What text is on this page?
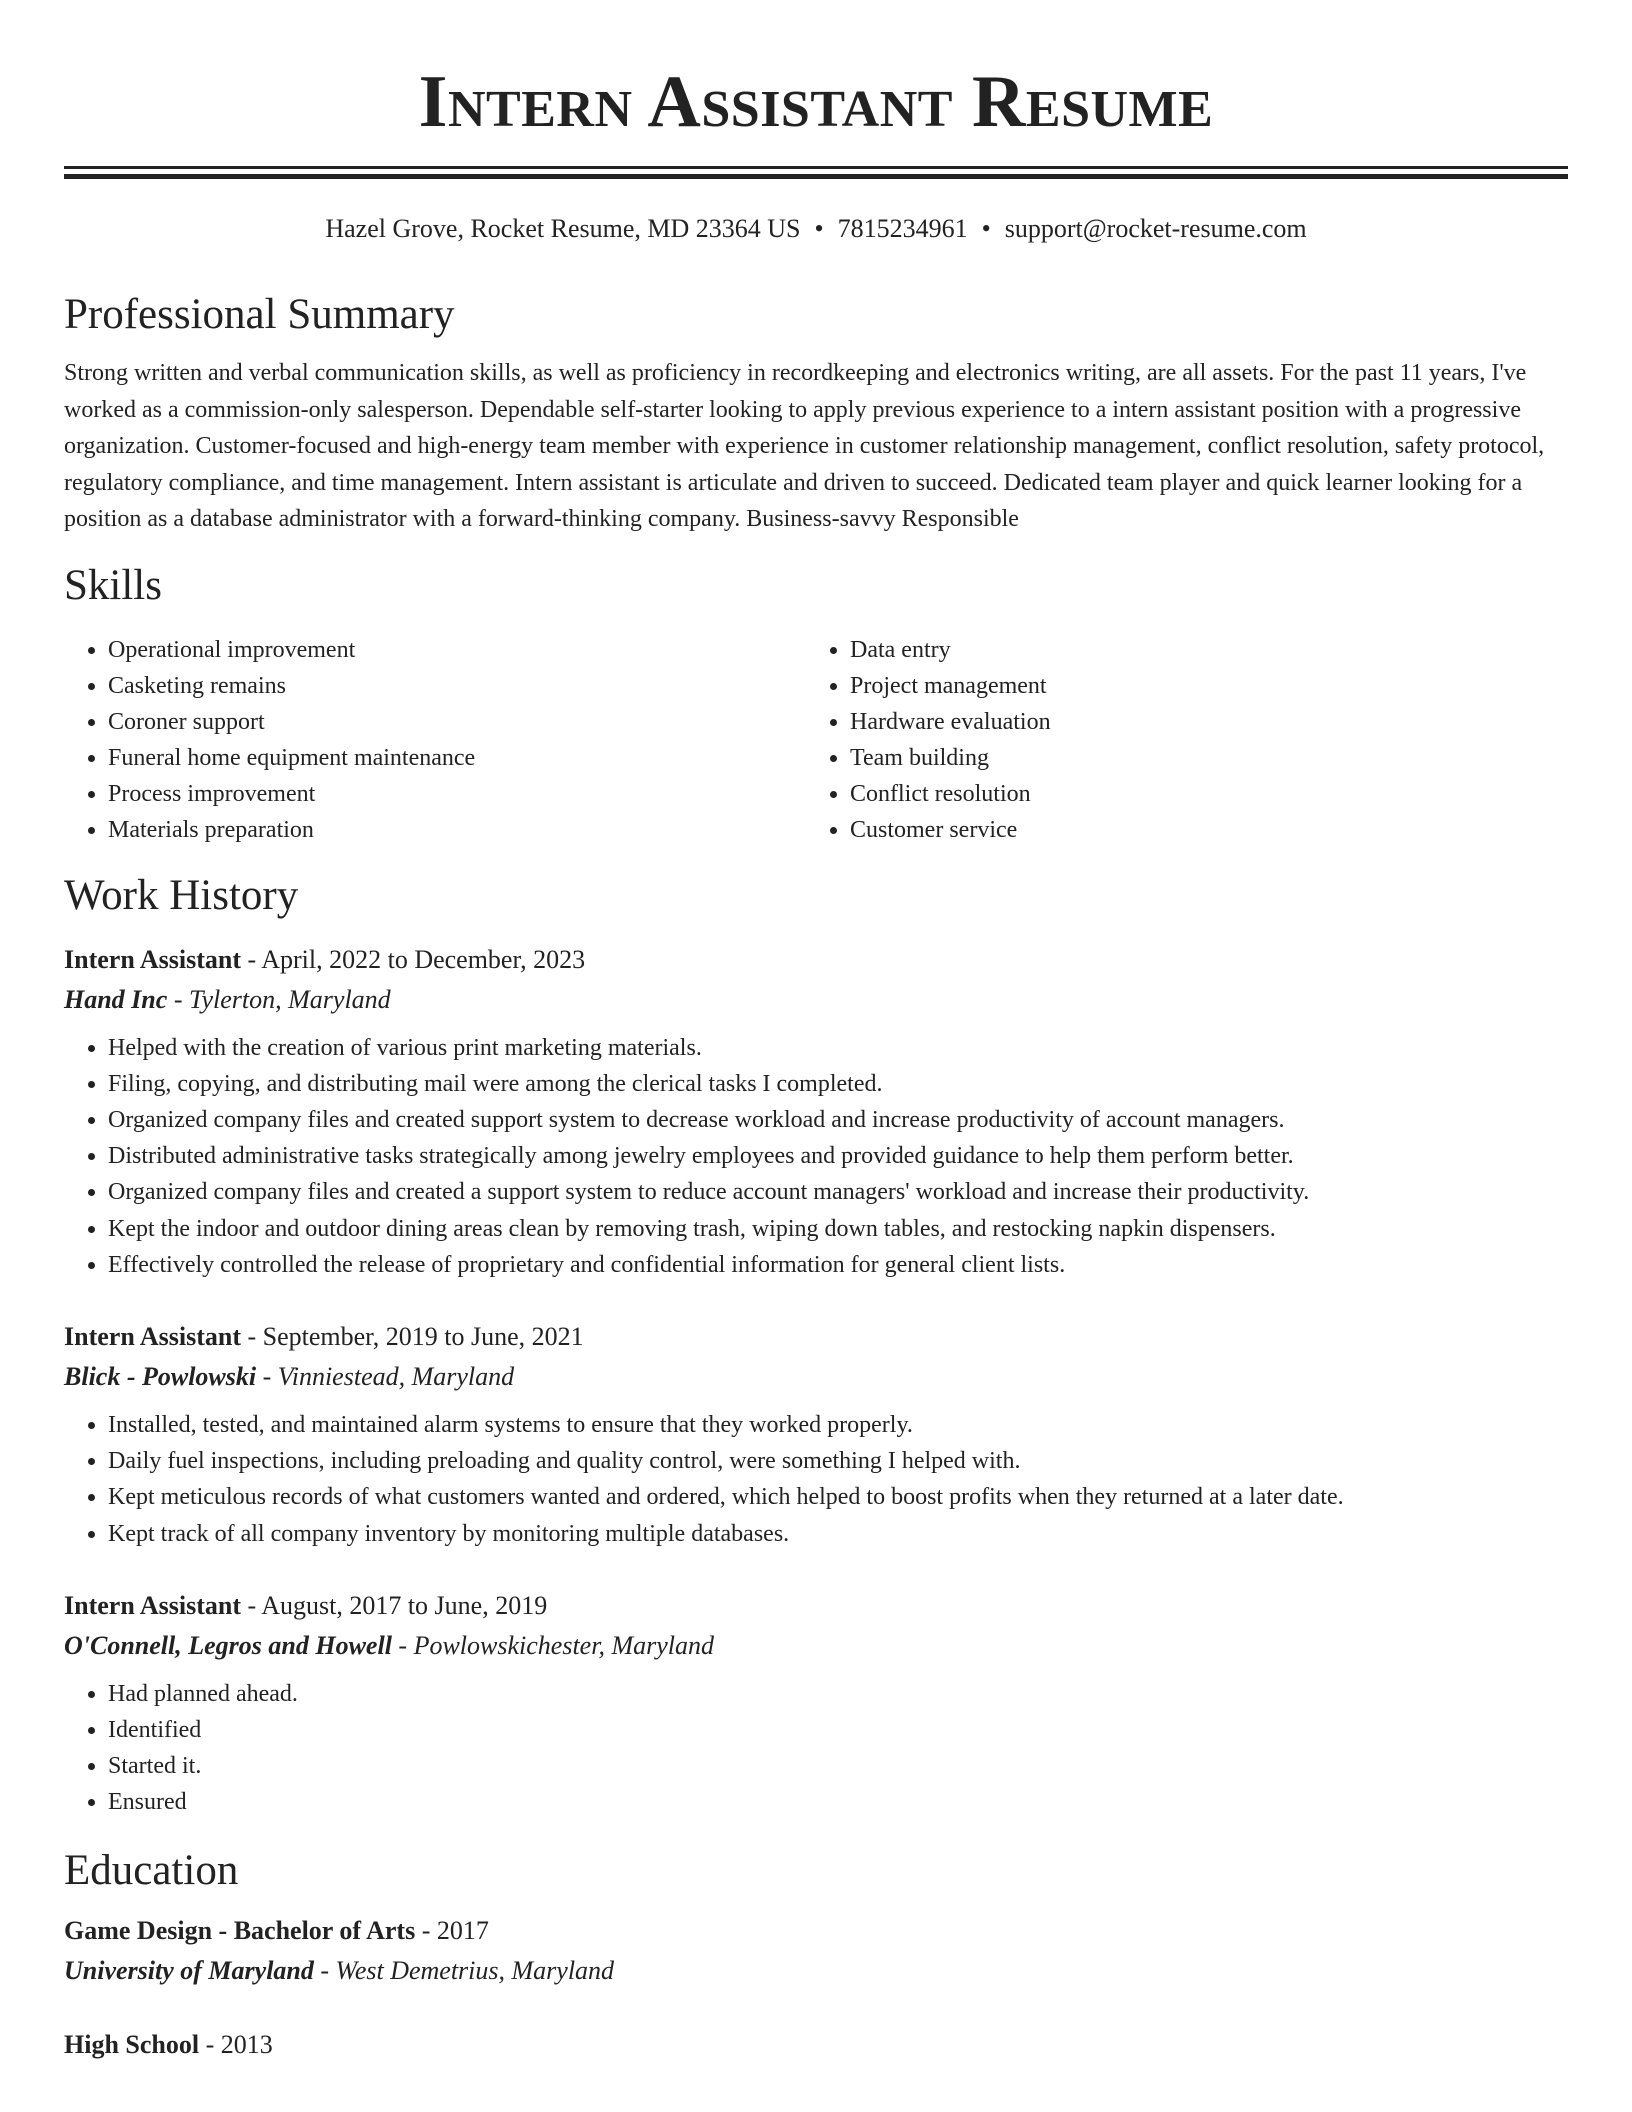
Intern Assistant Resume
Hazel Grove, Rocket Resume, MD 23364 US • 7815234961 • support@rocket-resume.com
Professional Summary
Strong written and verbal communication skills, as well as proficiency in recordkeeping and electronics writing, are all assets. For the past 11 years, I've worked as a commission-only salesperson. Dependable self-starter looking to apply previous experience to a intern assistant position with a progressive organization. Customer-focused and high-energy team member with experience in customer relationship management, conflict resolution, safety protocol, regulatory compliance, and time management. Intern assistant is articulate and driven to succeed. Dedicated team player and quick learner looking for a position as a database administrator with a forward-thinking company. Business-savvy Responsible
Skills
• Operational improvement
• Casketing remains
• Coroner support
• Funeral home equipment maintenance
• Process improvement
• Materials preparation
• Data entry
• Project management
• Hardware evaluation
• Team building
• Conflict resolution
• Customer service
Work History
Intern Assistant - April, 2022 to December, 2023
Hand Inc - Tylerton, Maryland
• Helped with the creation of various print marketing materials.
• Filing, copying, and distributing mail were among the clerical tasks I completed.
• Organized company files and created support system to decrease workload and increase productivity of account managers.
• Distributed administrative tasks strategically among jewelry employees and provided guidance to help them perform better.
• Organized company files and created a support system to reduce account managers' workload and increase their productivity.
• Kept the indoor and outdoor dining areas clean by removing trash, wiping down tables, and restocking napkin dispensers.
• Effectively controlled the release of proprietary and confidential information for general client lists.
Intern Assistant - September, 2019 to June, 2021
Blick - Powlowski - Vinniestead, Maryland
• Installed, tested, and maintained alarm systems to ensure that they worked properly.
• Daily fuel inspections, including preloading and quality control, were something I helped with.
• Kept meticulous records of what customers wanted and ordered, which helped to boost profits when they returned at a later date.
• Kept track of all company inventory by monitoring multiple databases.
Intern Assistant - August, 2017 to June, 2019
O'Connell, Legros and Howell - Powlowskichester, Maryland
• Had planned ahead.
• Identified
• Started it.
• Ensured
Education
Game Design - Bachelor of Arts - 2017
University of Maryland - West Demetrius, Maryland
High School - 2013
